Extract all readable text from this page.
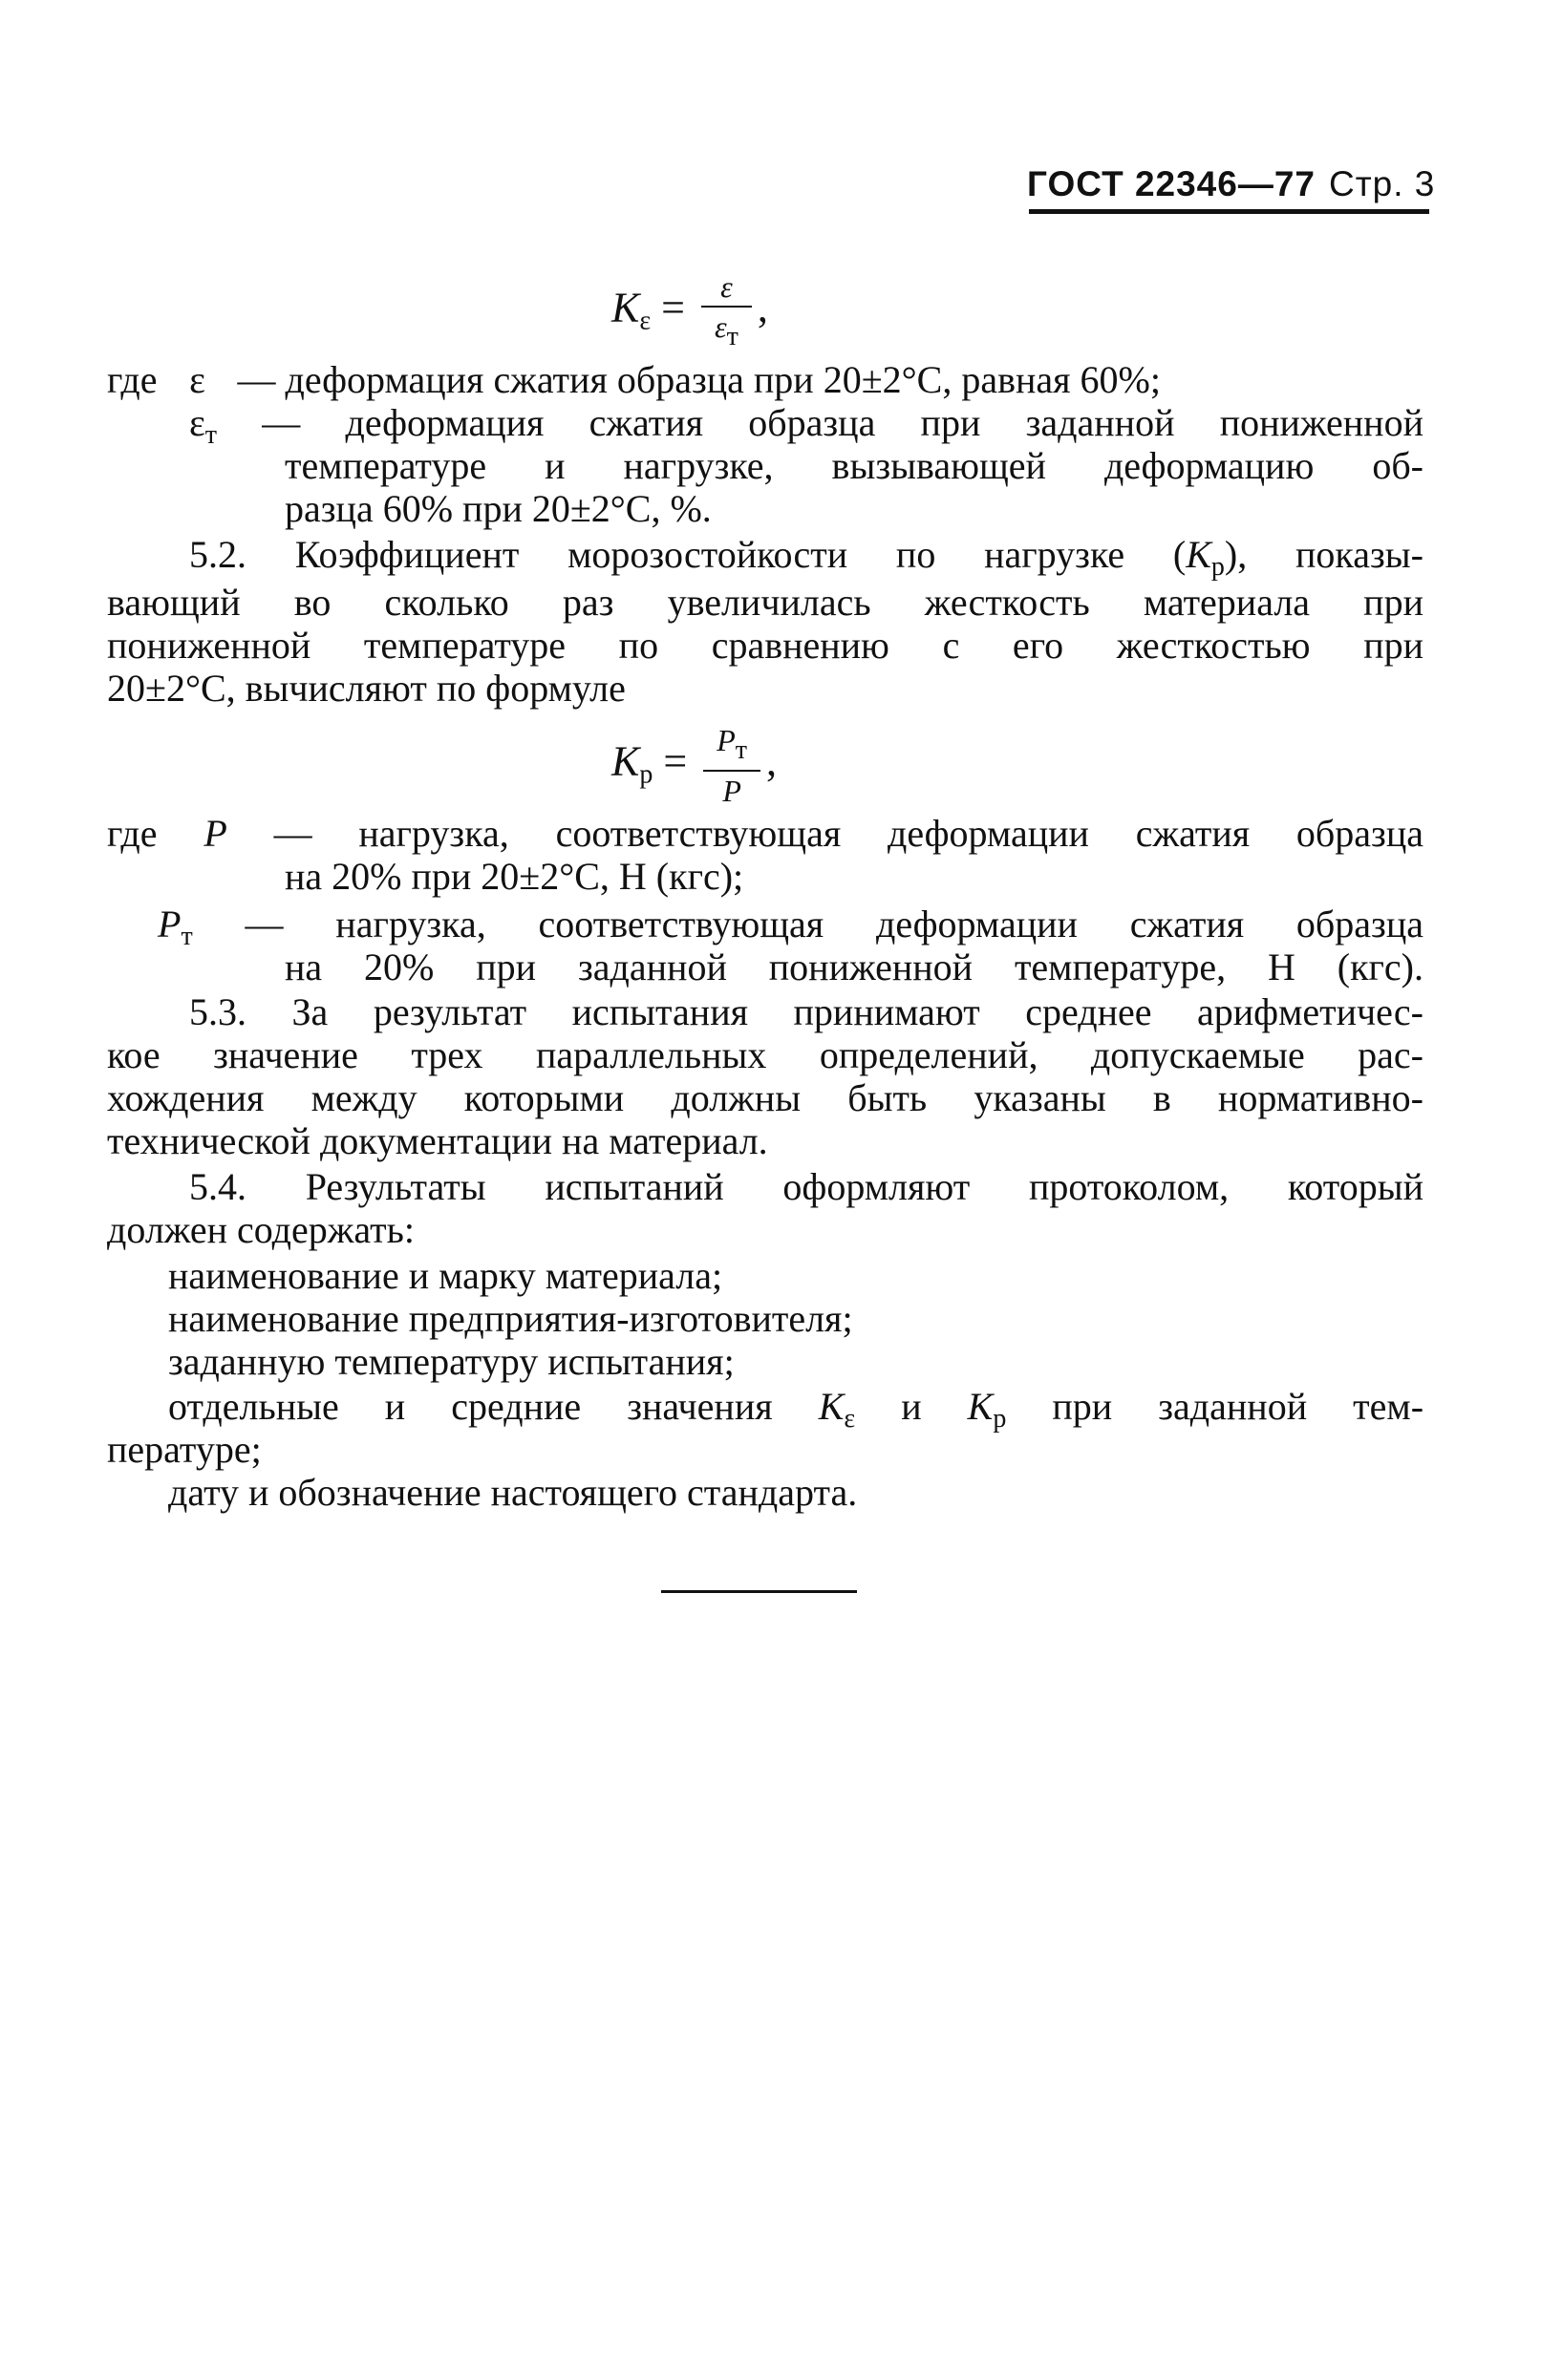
ГОСТ 22346—77 Стр. 3
$K_\varepsilon = \frac{\varepsilon}{\varepsilon т}$ ,
где ε — деформация сжатия образца при 20±2°С, равная 60%;
$\varepsilon_т$ — деформация сжатия образца при заданной пониженной
температуре и нагрузке, вызывающей деформацию об-
разца 60% при 20±2°С, %.
5.2. Коэффициент морозостойкости по нагрузке $(K_р)$, показы-
вающий во сколько раз увеличилась жесткость материала при
пониженной температуре по сравнению с его жесткостью при
20±2°С, вычисляют по формуле
$K_р = \frac{Pт}{P}$ ,
где P — нагрузка, соответствующая деформации сжатия образца
на 20% при 20±2°С, Н (кгс);
$P_т$ — нагрузка, соответствующая деформации сжатия образца
на 20% при заданной пониженной температуре, Н (кгс).
5.3. За результат испытания принимают среднее арифметичес-
кое значение трех параллельных определений, допускаемые рас-
хождения между которыми должны быть указаны в нормативно-
технической документации на материал.
5.4. Результаты испытаний оформляют протоколом, который
должен содержать:
наименование и марку материала;
наименование предприятия-изготовителя;
заданную температуру испытания;
отдельные и средние значения $K_\varepsilon$ и $K_р$ при заданной тем-
пературе;
дату и обозначение настоящего стандарта.
